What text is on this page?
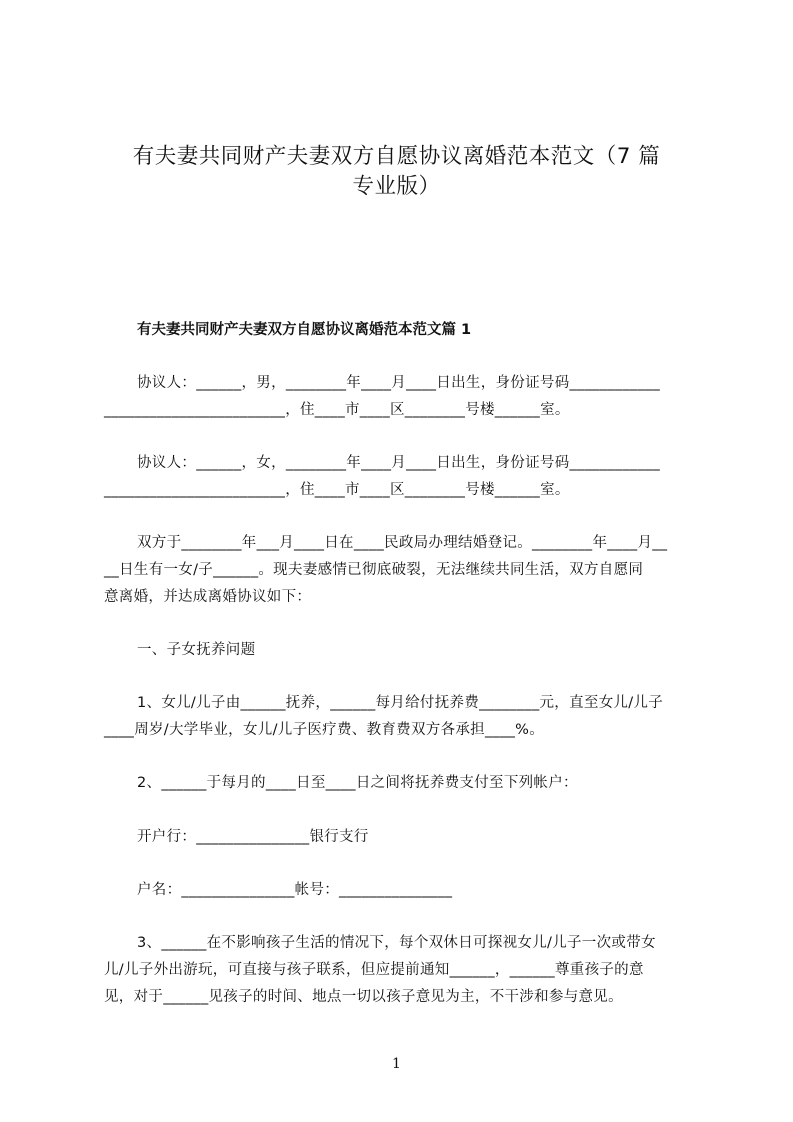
有夫妻共同财产夫妻双方自愿协议离婚范本范文（7 篇
专业版）
有夫妻共同财产夫妻双方自愿协议离婚范本范文篇 1

协议人：______，男，________年____月____日出生，身份证号码____________

________________________，住____市____区________号楼______室。

协议人：______，女，________年____月____日出生，身份证号码____________

________________________，住____市____区________号楼______室。

双方于________年___月____日在____民政局办理结婚登记。________年____月__

__日生有一女/子______。现夫妻感情已彻底破裂，无法继续共同生活，双方自愿同

意离婚，并达成离婚协议如下：

一、子女抚养问题

1、女儿/儿子由______抚养，______每月给付抚养费________元，直至女儿/儿子

____周岁/大学毕业，女儿/儿子医疗费、教育费双方各承担____%。

2、______于每月的____日至____日之间将抚养费支付至下列帐户：

开户行：_______________银行支行

户名：_______________帐号：_______________

3、______在不影响孩子生活的情况下，每个双休日可探视女儿/儿子一次或带女

儿/儿子外出游玩，可直接与孩子联系，但应提前通知______，______尊重孩子的意

见，对于______见孩子的时间、地点一切以孩子意见为主，不干涉和参与意见。

1
